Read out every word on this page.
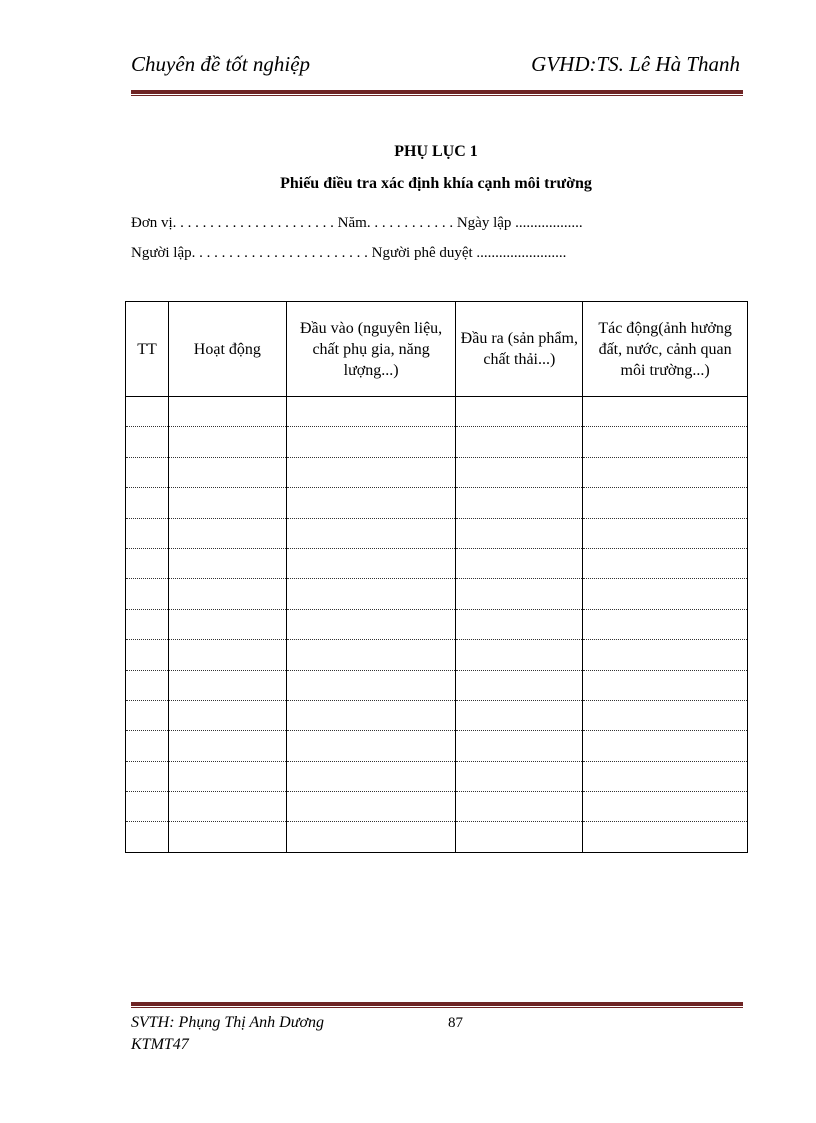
Chuyên đề tốt nghiệp	GVHD:TS. Lê Hà Thanh
PHỤ LỤC 1
Phiếu điều tra xác định khía cạnh môi trường
Đơn vị. . . . . . . . . . . . . . . . . . . . . . Năm. . . . . . . . . . . . Ngày lập ..................
Người lập. . . . . . . . . . . . . . . . . . . . . . . . Người phê duyệt ........................
TT	Hoạt động	Đầu vào (nguyên liệu, chất phụ gia, năng lượng...)	Đầu ra (sản phẩm, chất thải...)	Tác động(ảnh hưởng đất, nước, cảnh quan môi trường...)

SVTH: Phụng Thị Anh Dương
KTMT47
87
